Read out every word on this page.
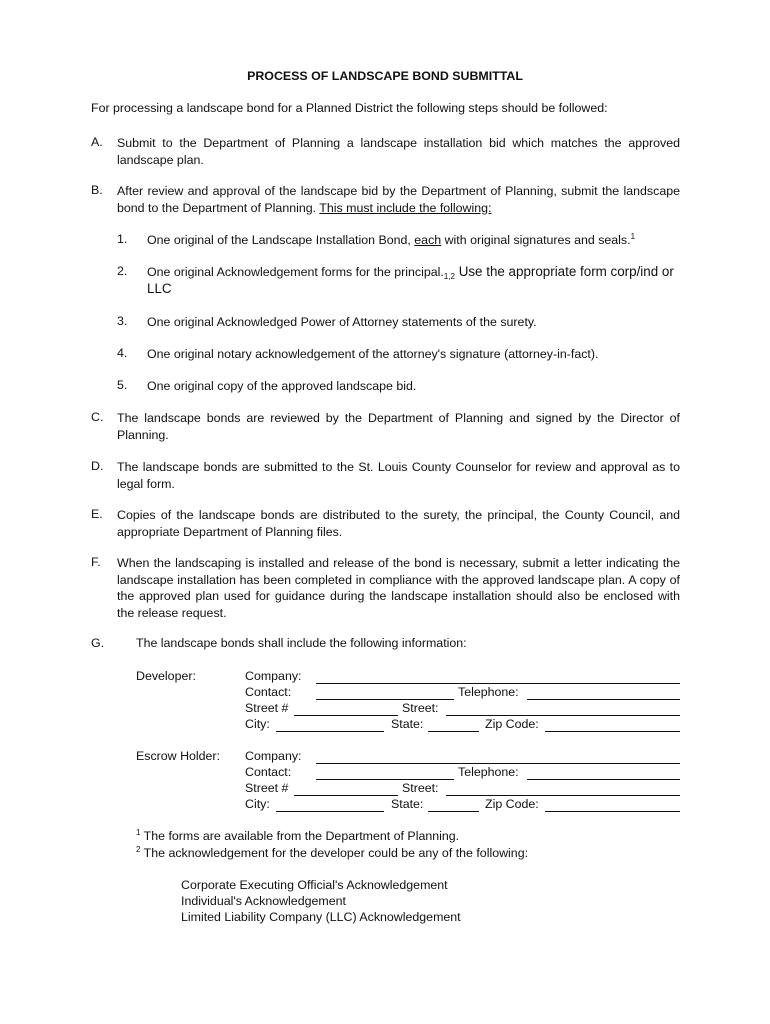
PROCESS OF LANDSCAPE BOND SUBMITTAL
For processing a landscape bond for a Planned District the following steps should be followed:
A. Submit to the Department of Planning a landscape installation bid which matches the approved landscape plan.
B. After review and approval of the landscape bid by the Department of Planning, submit the landscape bond to the Department of Planning. This must include the following:
1. One original of the Landscape Installation Bond, each with original signatures and seals.$^1$
2. One original Acknowledgement forms for the $principal._{1,2}$ Use the appropriate form corp/ind or LLC
3. One original Acknowledged Power of Attorney statements of the surety.
4. One original notary acknowledgement of the attorney's signature (attorney-in-fact).
5. One original copy of the approved landscape bid.
C. The landscape bonds are reviewed by the Department of Planning and signed by the Director of Planning.
D. The landscape bonds are submitted to the St. Louis County Counselor for review and approval as to legal form.
E. Copies of the landscape bonds are distributed to the surety, the principal, the County Council, and appropriate Department of Planning files.
F. When the landscaping is installed and release of the bond is necessary, submit a letter indicating the landscape installation has been completed in compliance with the approved landscape plan. A copy of the approved plan used for guidance during the landscape installation should also be enclosed with the release request.
G.	The landscape bonds shall include the following information:
Developer:	Company:
Contact:	Telephone:
Street #	Street:
City:	State:	Zip Code:
Escrow Holder: Company:
Contact:	Telephone:
Street #	Street:
City:	State:	Zip Code:
$^1$ The forms are available from the Department of Planning.
$^2$ The acknowledgement for the developer could be any of the following:
Corporate Executing Official's Acknowledgement
Individual's Acknowledgement
Limited Liability Company (LLC) Acknowledgement
